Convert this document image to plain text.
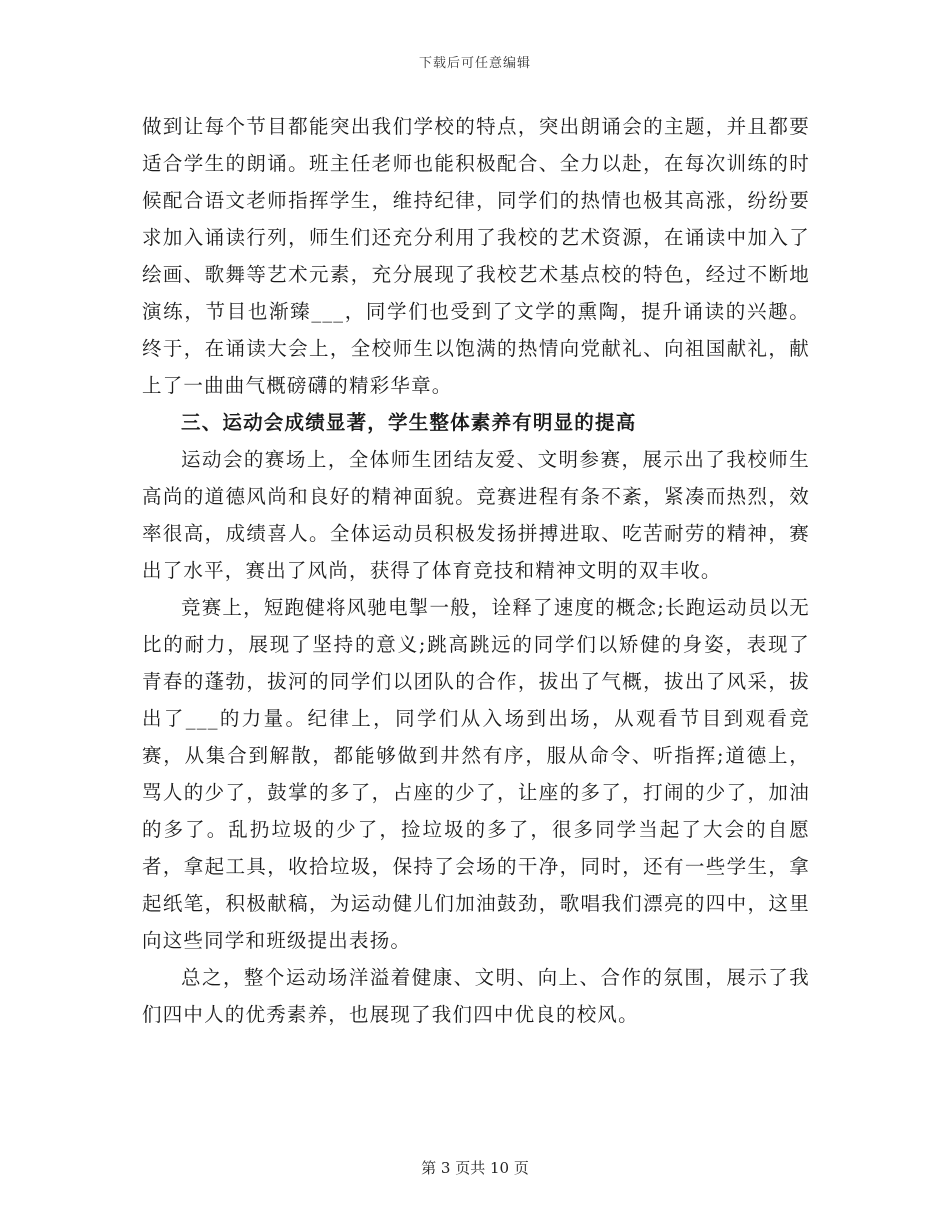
下载后可任意编辑

做到让每个节目都能突出我们学校的特点，突出朗诵会的主题，并且都要适合学生的朗诵。班主任老师也能积极配合、全力以赴，在每次训练的时候配合语文老师指挥学生，维持纪律，同学们的热情也极其高涨，纷纷要求加入诵读行列，师生们还充分利用了我校的艺术资源，在诵读中加入了绘画、歌舞等艺术元素，充分展现了我校艺术基点校的特色，经过不断地演练，节目也渐臻___，同学们也受到了文学的熏陶，提升诵读的兴趣。终于，在诵读大会上，全校师生以饱满的热情向党献礼、向祖国献礼，献上了一曲曲气概磅礴的精彩华章。

三、运动会成绩显著，学生整体素养有明显的提高

运动会的赛场上，全体师生团结友爱、文明参赛，展示出了我校师生高尚的道德风尚和良好的精神面貌。竞赛进程有条不紊，紧凑而热烈，效率很高，成绩喜人。全体运动员积极发扬拼搏进取、吃苦耐劳的精神，赛出了水平，赛出了风尚，获得了体育竞技和精神文明的双丰收。

竞赛上，短跑健将风驰电掣一般，诠释了速度的概念;长跑运动员以无比的耐力，展现了坚持的意义;跳高跳远的同学们以矫健的身姿，表现了青春的蓬勃，拔河的同学们以团队的合作，拔出了气概，拔出了风采，拔出了___的力量。纪律上，同学们从入场到出场，从观看节目到观看竞赛，从集合到解散，都能够做到井然有序，服从命令、听指挥;道德上，骂人的少了，鼓掌的多了，占座的少了，让座的多了，打闹的少了，加油的多了。乱扔垃圾的少了，捡垃圾的多了，很多同学当起了大会的自愿者，拿起工具，收拾垃圾，保持了会场的干净，同时，还有一些学生，拿起纸笔，积极献稿，为运动健儿们加油鼓劲，歌唱我们漂亮的四中，这里向这些同学和班级提出表扬。

总之，整个运动场洋溢着健康、文明、向上、合作的氛围，展示了我们四中人的优秀素养，也展现了我们四中优良的校风。

第 3 页共 10 页
